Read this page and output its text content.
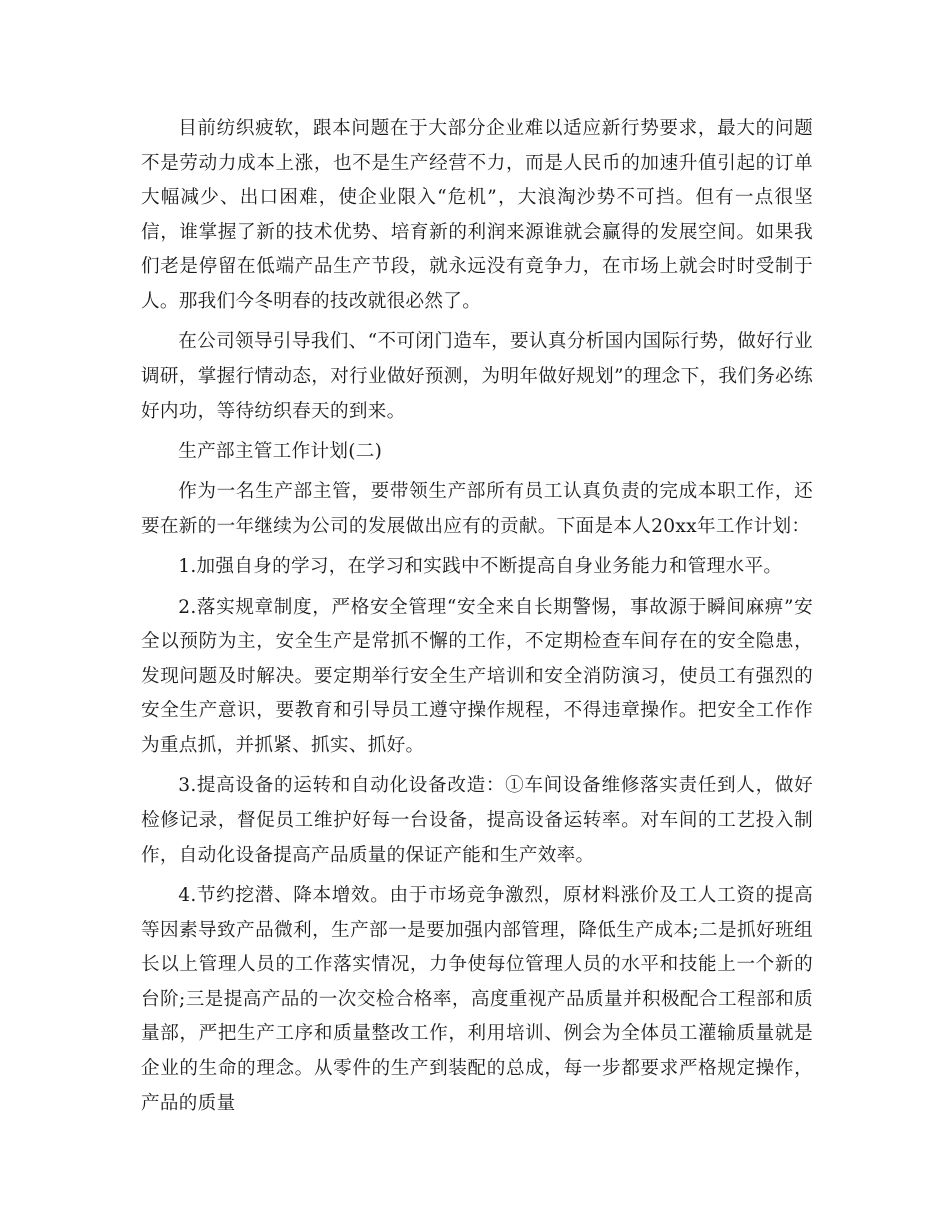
目前纺织疲软，跟本问题在于大部分企业难以适应新行势要求，最大的问题不是劳动力成本上涨，也不是生产经营不力，而是人民币的加速升值引起的订单大幅减少、出口困难，使企业限入“危机”，大浪淘沙势不可挡。但有一点很坚信，谁掌握了新的技术优势、培育新的利润来源谁就会赢得的发展空间。如果我们老是停留在低端产品生产节段，就永远没有竟争力，在市场上就会时时受制于人。那我们今冬明春的技改就很必然了。

在公司领导引导我们、“不可闭门造车，要认真分析国内国际行势，做好行业调研，掌握行情动态，对行业做好预测，为明年做好规划”的理念下，我们务必练好内功，等待纺织春天的到来。

生产部主管工作计划(二)

作为一名生产部主管，要带领生产部所有员工认真负责的完成本职工作，还要在新的一年继续为公司的发展做出应有的贡献。下面是本人20xx年工作计划：

1.加强自身的学习，在学习和实践中不断提高自身业务能力和管理水平。

2.落实规章制度，严格安全管理“安全来自长期警惕，事故源于瞬间麻痹”安全以预防为主，安全生产是常抓不懈的工作，不定期检查车间存在的安全隐患，发现问题及时解决。要定期举行安全生产培训和安全消防演习，使员工有强烈的安全生产意识，要教育和引导员工遵守操作规程，不得违章操作。把安全工作作为重点抓，并抓紧、抓实、抓好。

3.提高设备的运转和自动化设备改造：①车间设备维修落实责任到人，做好检修记录，督促员工维护好每一台设备，提高设备运转率。对车间的工艺投入制作，自动化设备提高产品质量的保证产能和生产效率。

4.节约挖潜、降本增效。由于市场竞争激烈，原材料涨价及工人工资的提高等因素导致产品微利，生产部一是要加强内部管理，降低生产成本;二是抓好班组长以上管理人员的工作落实情况，力争使每位管理人员的水平和技能上一个新的台阶;三是提高产品的一次交检合格率，高度重视产品质量并积极配合工程部和质量部，严把生产工序和质量整改工作，利用培训、例会为全体员工灌输质量就是企业的生命的理念。从零件的生产到装配的总成，每一步都要求严格规定操作，产品的质量
